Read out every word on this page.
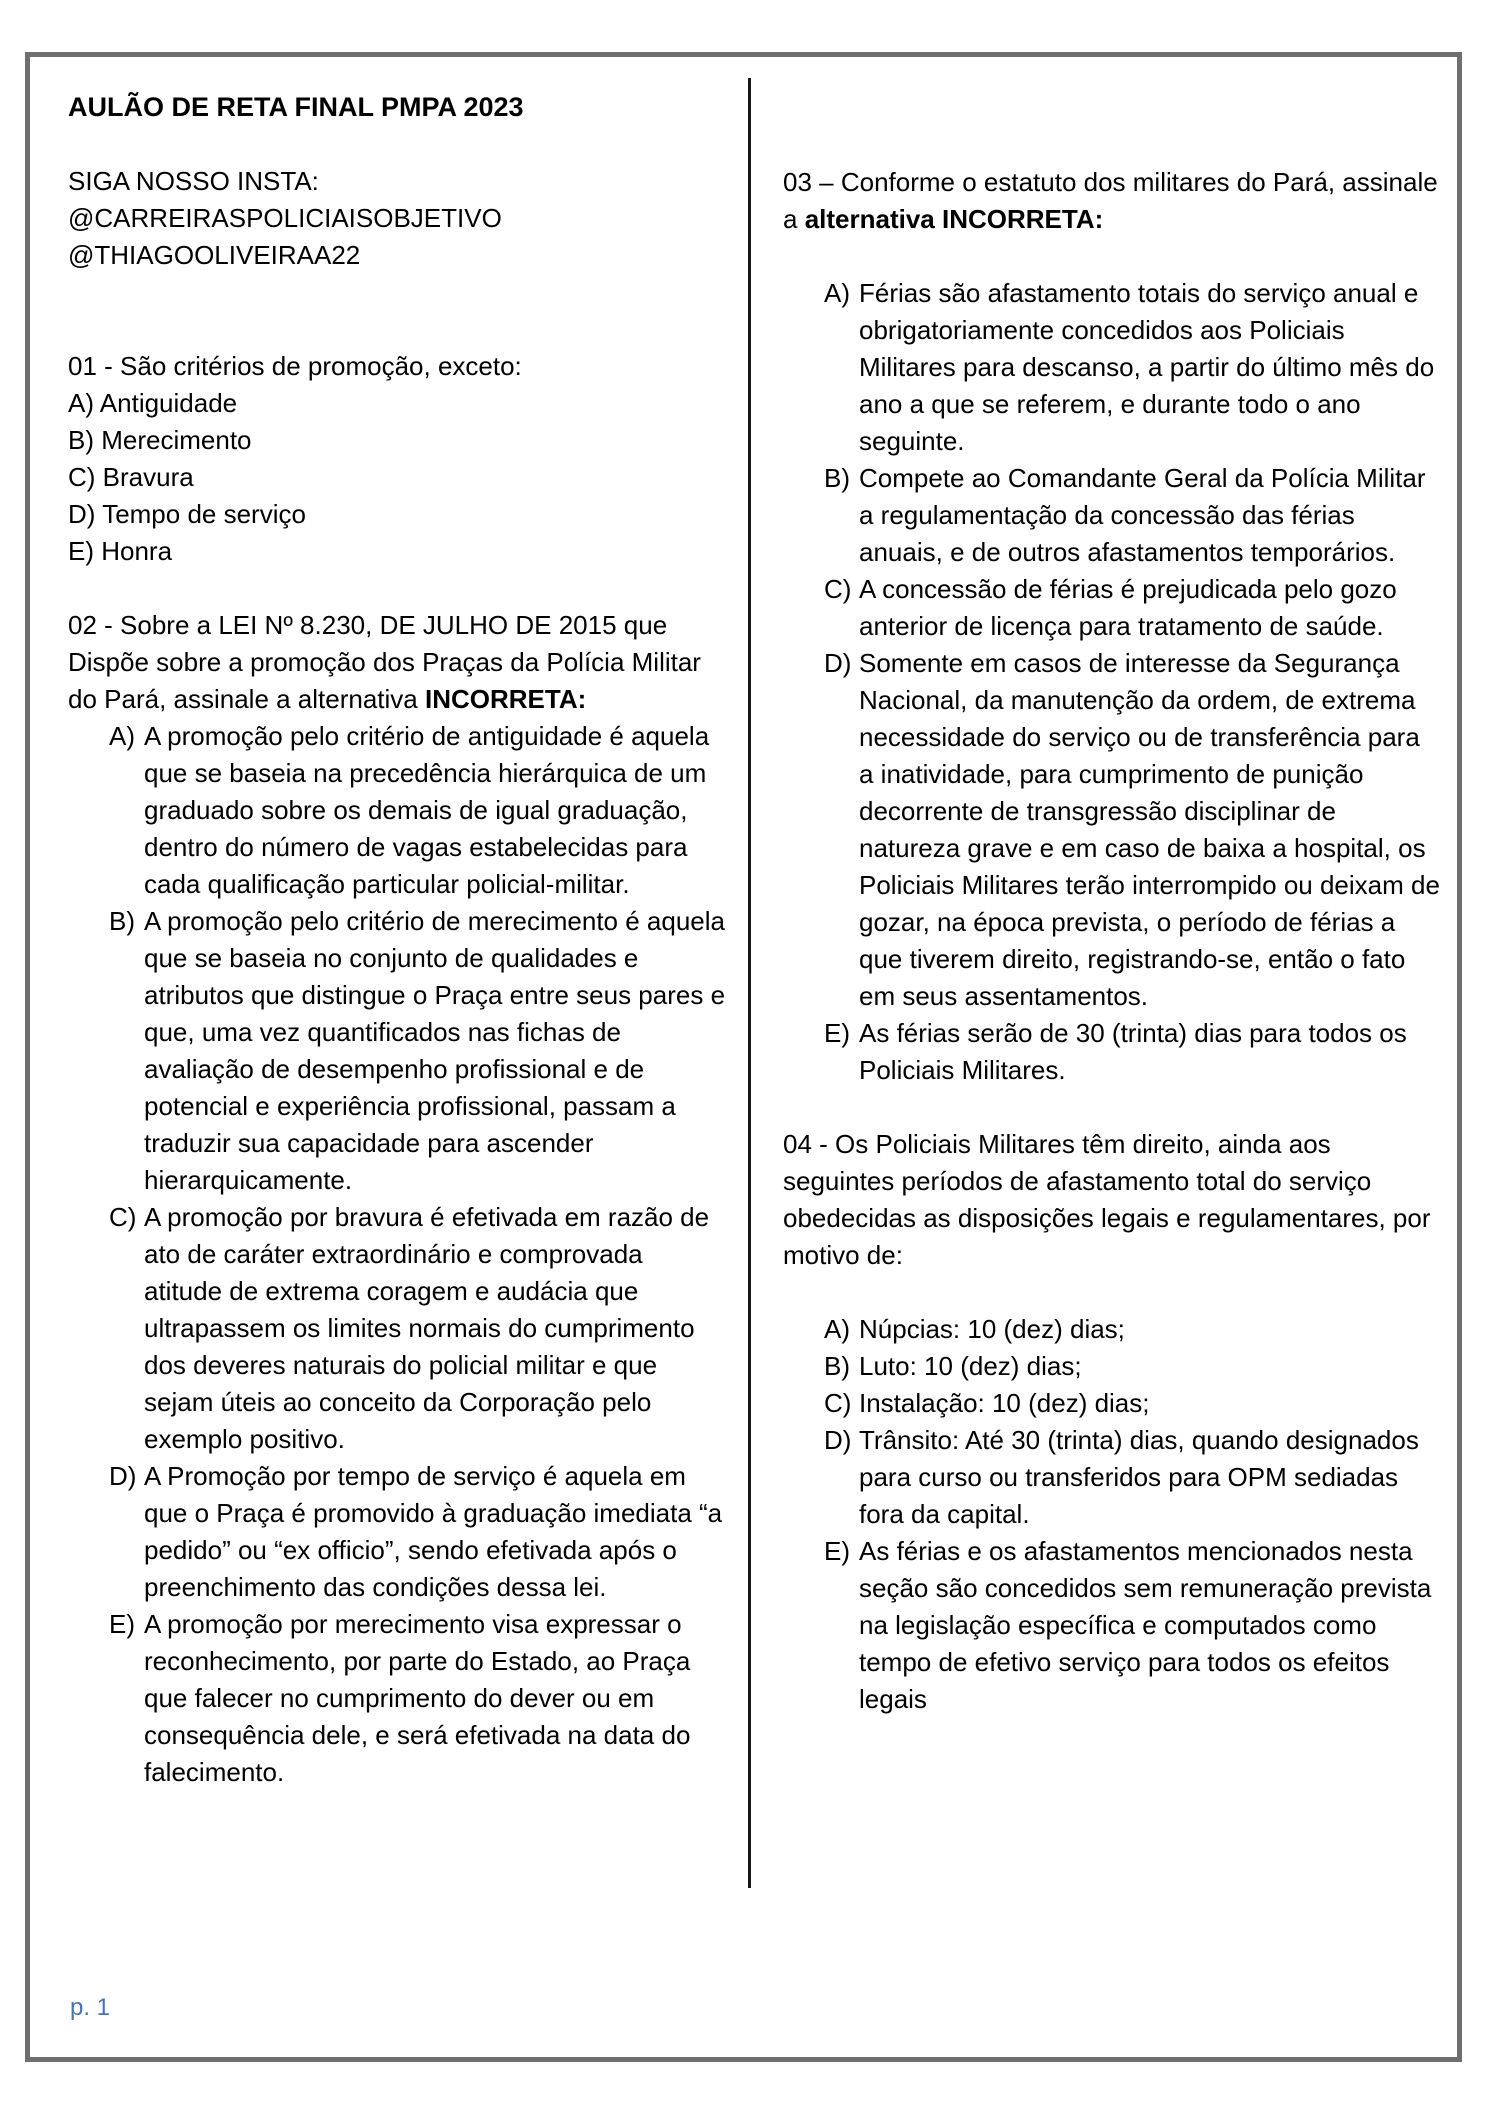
AULÃO DE RETA FINAL PMPA 2023

SIGA NOSSO INSTA:

@CARREIRASPOLICIAISOBJETIVO

@THIAGOOLIVEIRAA22

01 - São critérios de promoção, exceto:

A) Antiguidade

B) Merecimento

C) Bravura

D) Tempo de serviço

E) Honra

02 - Sobre a LEI Nº 8.230, DE JULHO DE 2015 que Dispõe sobre a promoção dos Praças da Polícia Militar do Pará, assinale a alternativa INCORRETA:

A) A promoção pelo critério de antiguidade é aquela que se baseia na precedência hierárquica de um graduado sobre os demais de igual graduação, dentro do número de vagas estabelecidas para cada qualificação particular policial-militar.
B) A promoção pelo critério de merecimento é aquela que se baseia no conjunto de qualidades e atributos que distingue o Praça entre seus pares e que, uma vez quantificados nas fichas de avaliação de desempenho profissional e de potencial e experiência profissional, passam a traduzir sua capacidade para ascender hierarquicamente.
C) A promoção por bravura é efetivada em razão de ato de caráter extraordinário e comprovada atitude de extrema coragem e audácia que ultrapassem os limites normais do cumprimento dos deveres naturais do policial militar e que sejam úteis ao conceito da Corporação pelo exemplo positivo.
D) A Promoção por tempo de serviço é aquela em que o Praça é promovido à graduação imediata “a pedido” ou “ex officio”, sendo efetivada após o preenchimento das condições dessa lei.
E) A promoção por merecimento visa expressar o reconhecimento, por parte do Estado, ao Praça que falecer no cumprimento do dever ou em consequência dele, e será efetivada na data do falecimento.

03 – Conforme o estatuto dos militares do Pará, assinale a alternativa INCORRETA:

A) Férias são afastamento totais do serviço anual e obrigatoriamente concedidos aos Policiais Militares para descanso, a partir do último mês do ano a que se referem, e durante todo o ano seguinte.
B) Compete ao Comandante Geral da Polícia Militar a regulamentação da concessão das férias anuais, e de outros afastamentos temporários.
C) A concessão de férias é prejudicada pelo gozo anterior de licença para tratamento de saúde.
D) Somente em casos de interesse da Segurança Nacional, da manutenção da ordem, de extrema necessidade do serviço ou de transferência para a inatividade, para cumprimento de punição decorrente de transgressão disciplinar de natureza grave e em caso de baixa a hospital, os Policiais Militares terão interrompido ou deixam de gozar, na época prevista, o período de férias a que tiverem direito, registrando-se, então o fato em seus assentamentos.
E) As férias serão de 30 (trinta) dias para todos os Policiais Militares.

04 - Os Policiais Militares têm direito, ainda aos seguintes períodos de afastamento total do serviço obedecidas as disposições legais e regulamentares, por motivo de:

A) Núpcias: 10 (dez) dias;
B) Luto: 10 (dez) dias;
C) Instalação: 10 (dez) dias;
D) Trânsito: Até 30 (trinta) dias, quando designados para curso ou transferidos para OPM sediadas fora da capital.
E) As férias e os afastamentos mencionados nesta seção são concedidos sem remuneração prevista na legislação específica e computados como tempo de efetivo serviço para todos os efeitos legais
p. 1
